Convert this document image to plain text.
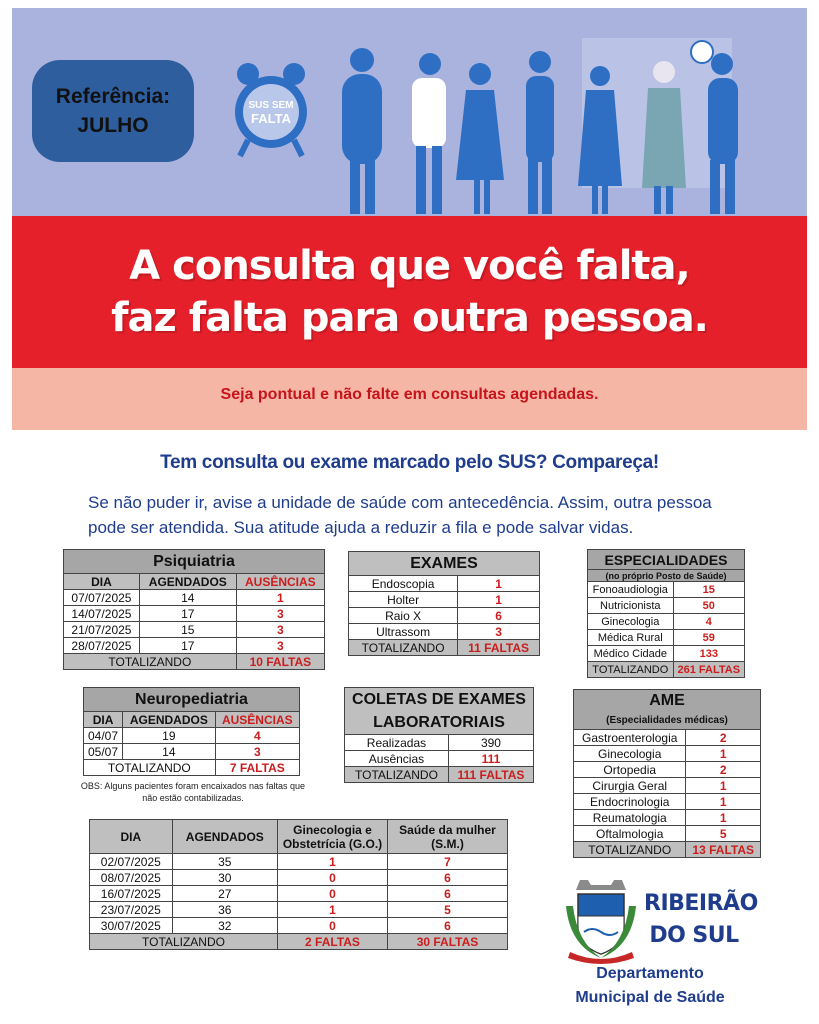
Referência:
JULHO
SUS SEM
FALTA
A consulta que você falta,
faz falta para outra pessoa.
Seja pontual e não falte em consultas agendadas.
Tem consulta ou exame marcado pelo SUS? Compareça!
Se não puder ir, avise a unidade de saúde com antecedência. Assim, outra pessoa pode ser atendida. Sua atitude ajuda a reduzir a fila e pode salvar vidas.
Psiquiatria		
DIA	AGENDADOS	AUSÊNCIAS
07/07/2025	14	1
14/07/2025	17	3
21/07/2025	15	3
28/07/2025	17	3
TOTALIZANDO		10 FALTAS
EXAMES	
Endoscopia	1
Holter	1
Raio X	6
Ultrassom	3
TOTALIZANDO	11 FALTAS
ESPECIALIDADES	
(no próprio Posto de Saúde)	
Fonoaudiologia	15
Nutricionista	50
Ginecologia	4
Médica Rural	59
Médico Cidade	133
TOTALIZANDO	261 FALTAS
Neuropediatria		
DIA	AGENDADOS	AUSÊNCIAS
04/07	19	4
05/07	14	3
TOTALIZANDO		7 FALTAS
OBS: Alguns pacientes foram encaixados nas faltas que não estão contabilizadas.
COLETAS DE EXAMES
LABORATORIAIS	

Realizadas	390
Ausências	111
TOTALIZANDO	111 FALTAS
AME	
(Especialidades médicas)	
Gastroenterologia	2
Ginecologia	1
Ortopedia	2
Cirurgia Geral	1
Endocrinologia	1
Reumatologia	1
Oftalmologia	5
TOTALIZANDO	13 FALTAS
DIA	AGENDADOS	Ginecologia e Obstetrícia (G.O.)	Saúde da mulher (S.M.)
02/07/2025	35	1	7
08/07/2025	30	0	6
16/07/2025	27	0	6
23/07/2025	36	1	5
30/07/2025	32	0	6
TOTALIZANDO		2 FALTAS	30 FALTAS
RIBEIRÃO
DO SUL
Departamento
Municipal de Saúde
